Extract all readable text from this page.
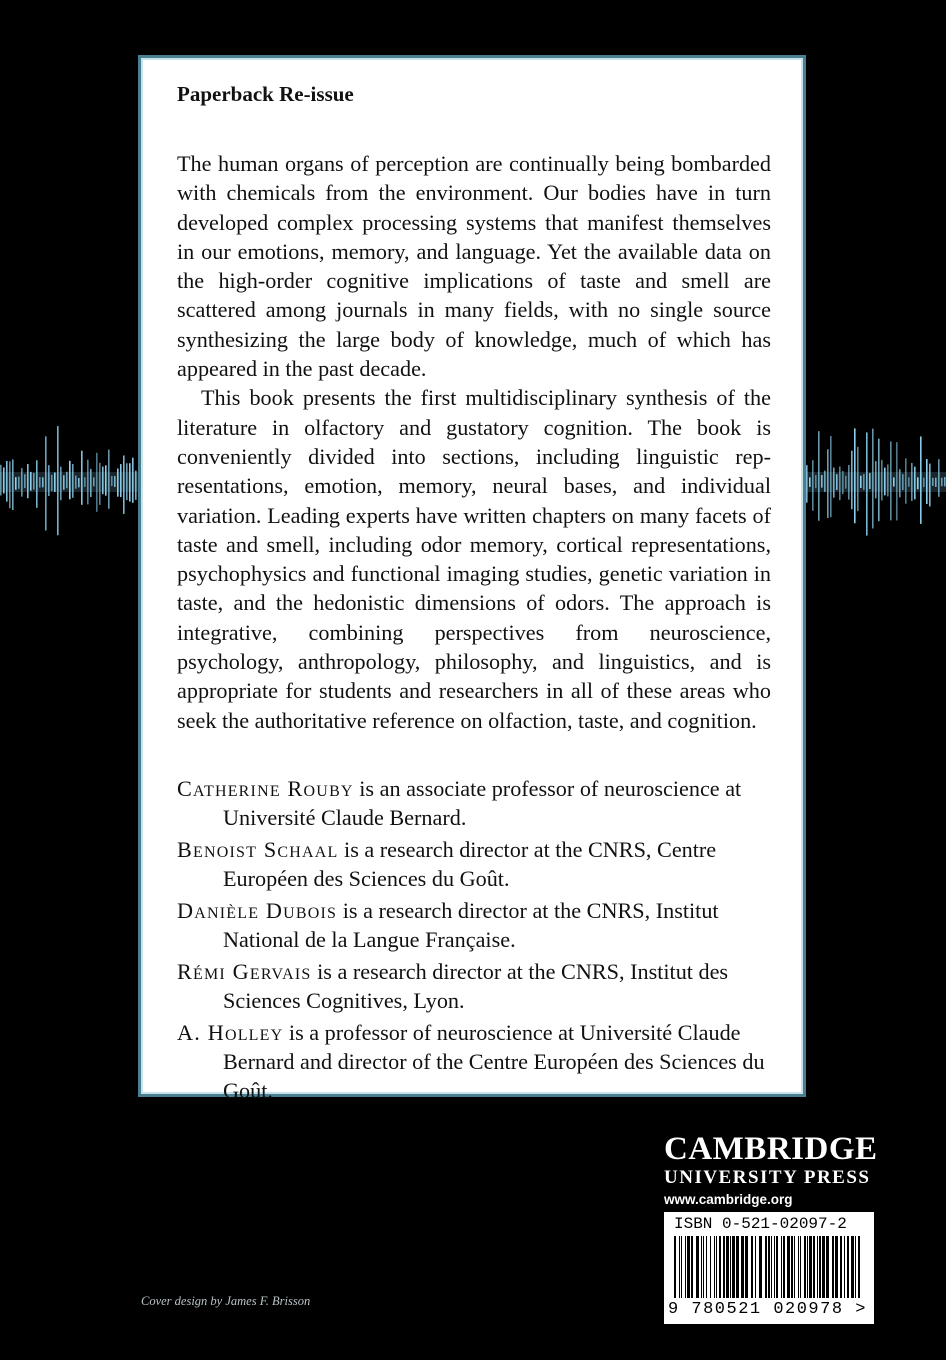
Paperback Re-issue

The human organs of perception are continually being bombarded with chemicals from the environment. Our bodies have in turn developed complex processing systems that manifest themselves in our emotions, memory, and language. Yet the available data on the high-order cognitive implications of taste and smell are scattered among journals in many fields, with no single source synthesizing the large body of knowledge, much of which has appeared in the past decade.

This book presents the first multidisciplinary synthesis of the literature in olfactory and gustatory cognition. The book is conveniently divided into sections, including linguistic representations, emotion, memory, neural bases, and individual variation. Leading experts have written chapters on many facets of taste and smell, including odor memory, cortical representations, psychophysics and functional imaging studies, genetic variation in taste, and the hedonistic dimensions of odors. The approach is integrative, combining perspectives from neuroscience, psychology, anthropology, philosophy, and linguistics, and is appropriate for students and researchers in all of these areas who seek the authoritative reference on olfaction, taste, and cognition.

Catherine Rouby is an associate professor of neuroscience at Université Claude Bernard.
Benoist Schaal is a research director at the CNRS, Centre Européen des Sciences du Goût.
Danièle Dubois is a research director at the CNRS, Institut National de la Langue Française.
Rémi Gervais is a research director at the CNRS, Institut des Sciences Cognitives, Lyon.
A. Holley is a professor of neuroscience at Université Claude Bernard and director of the Centre Européen des Sciences du Goût.
CAMBRIDGE
UNIVERSITY PRESS
www.cambridge.org
ISBN 0-521-02097-2
9 780521 020978 >
Cover design by James F. Brisson
